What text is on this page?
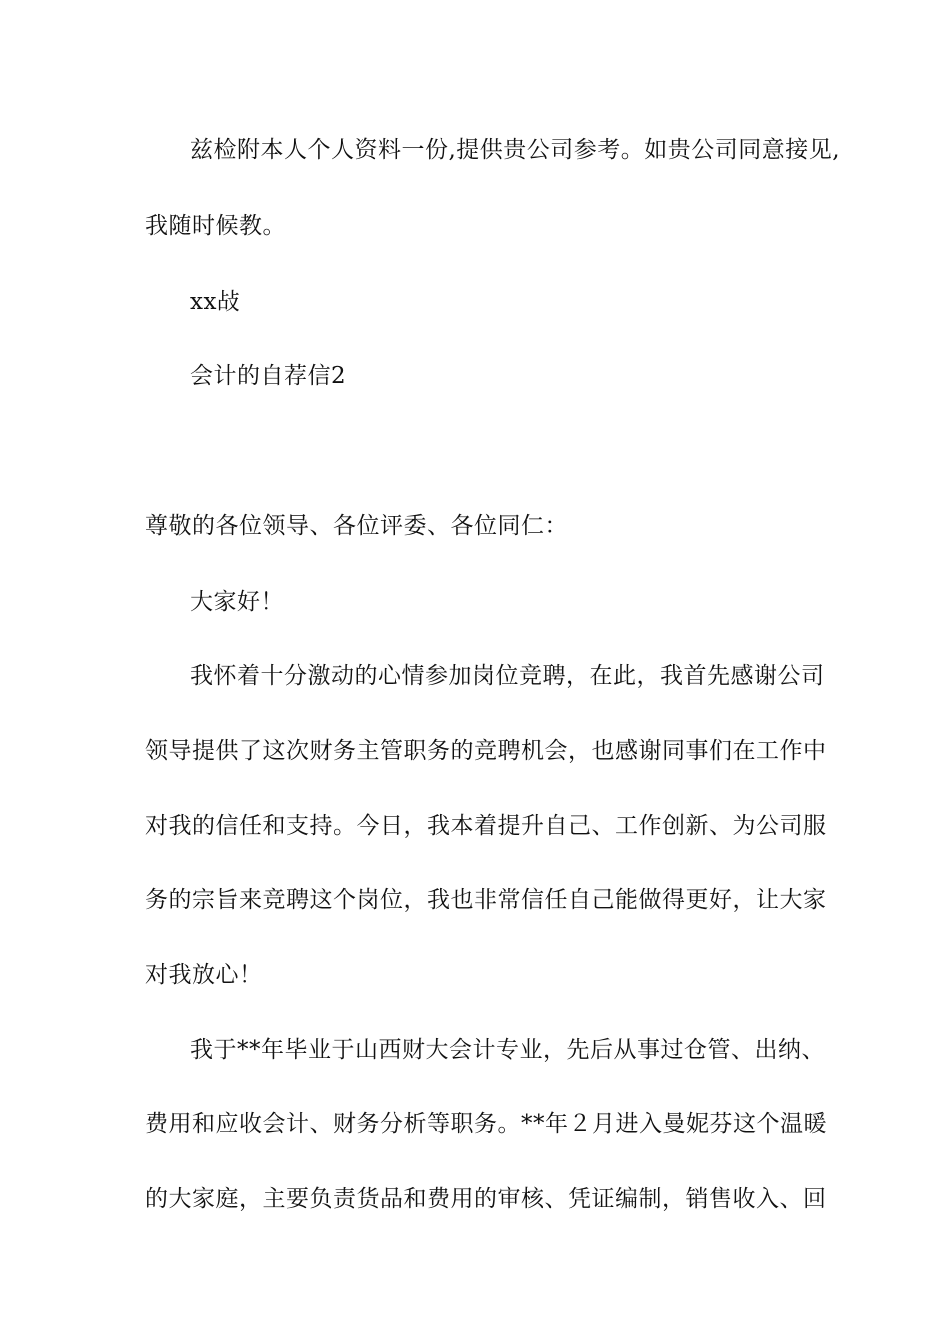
兹检附本人个人资料一份,提供贵公司参考。如贵公司同意接见,
我随时候教。
xx敁
会计的自荐信2
尊敬的各位领导、各位评委、各位同仁：
大家好！
我怀着十分激动的心情参加岗位竞聘，在此，我首先感谢公司
领导提供了这次财务主管职务的竞聘机会，也感谢同事们在工作中
对我的信任和支持。今日，我本着提升自己、工作创新、为公司服
务的宗旨来竞聘这个岗位，我也非常信任自己能做得更好，让大家
对我放心！
我于**年毕业于山西财大会计专业，先后从事过仓管、出纳、
费用和应收会计、财务分析等职务。**年２月进入曼妮芬这个温暖
的大家庭，主要负责货品和费用的审核、凭证编制，销售收入、回
